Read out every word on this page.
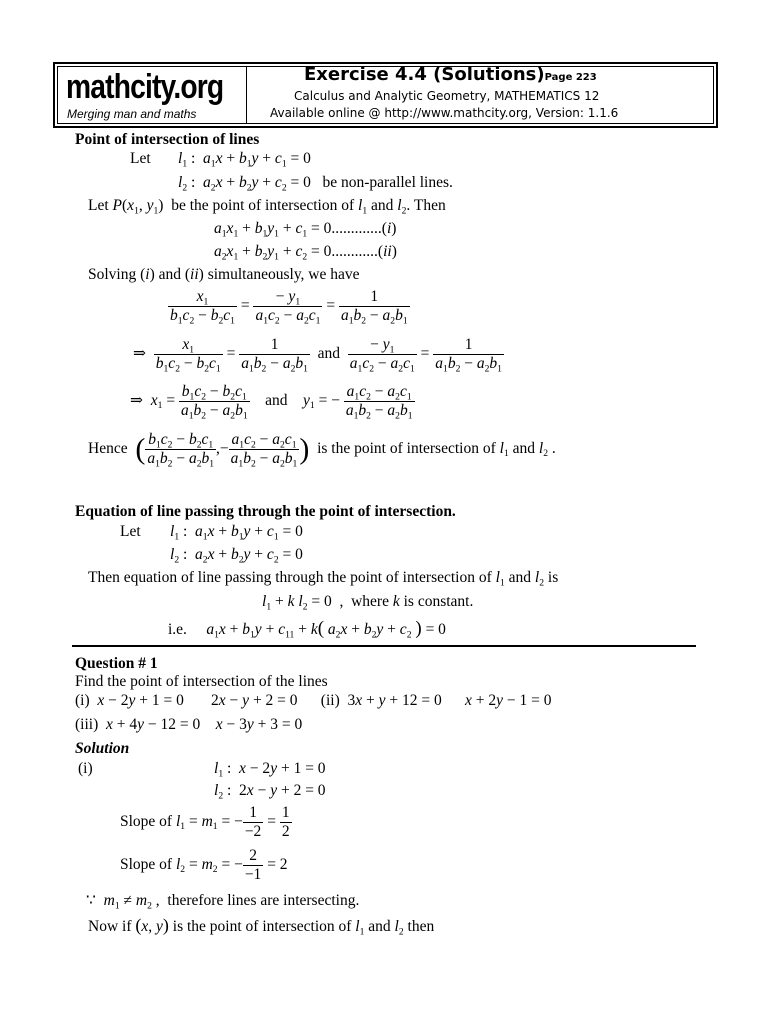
mathcity.org
Merging man and maths
Exercise 4.4 (Solutions)Page 223
Calculus and Analytic Geometry, MATHEMATICS 12
Available online @ http://www.mathcity.org, Version: 1.1.6
Point of intersection of lines
Let $l_1$ :  $a_1x + b_1y + c_1 = 0$
$l_2$ :  $a_2x + b_2y + c_2 = 0$   be non-parallel lines.
Let $P(x_1$, $y_1$)  be the point of intersection of $l_1$ and $l_2$. Then
$a_1x_1 + b_1y_1 + c_1 = 0.............(i)$
$a_2x_1 + b_2y_1 + c_2 = 0............(ii)$
Solving (i) and (ii) simultaneously, we have
$\frac{x_1}{b_1c_2 - b_2c_1} = \frac{- y_1}{a_1c_2 - a_2c_1} = \frac{1}{a_1b_2 - a_2b_1}$
⇒ $\frac{x_1}{b_1c_2 - b_2c_1} = \frac{1}{a_1b_2 - a_2b_1}$ and $\frac{- y_1}{a_1c_2 - a_2c_1} = \frac{1}{a_1b_2 - a_2b_1}$
⇒  $x_1 = \frac{b_1c_2 - b_2c_1}{a_1b_2 - a_2b_1}$ and    $y_1$ = − $\frac{a_1c_2 - a_2c_1}{a_1b_2 - a_2b_1}$
Hence ( $\frac{b_1c_2 - b_2c_1}{a_1b_2 - a_2b_1}$ ,− $\frac{a_1c_2 - a_2c_1}{a_1b_2 - a_2b_1}$ ) is the point of intersection of $l_1$ and $l_2$ .
Equation of line passing through the point of intersection.
Let $l_1$ :  $a_1x + b_1y + c_1 = 0$
$l_2$ :  $a_2x + b_2y + c_2 = 0$
Then equation of line passing through the point of intersection of $l_1$ and $l_2$ is
$l_1 + k$ $l_2 = 0$  ,  where k is constant.
i.e. $a_1x + b_1y + c_{11} + k$( $a_2x + b_2y + c_2$ ) = 0
Question # 1
Find the point of intersection of the lines
(i)  x − 2y + 1 = 0       2x − y + 2 = 0      (ii)  3x + y + 12 = 0      x + 2y − 1 = 0
(iii)  x + 4y − 12 = 0    x − 3y + 3 = 0
Solution
(i)	$l_1$ :  x − 2y + 1 = 0
$l_2$ :  2x − y + 2 = 0
Slope of $l_1 = m_1$ = − $\frac{1}{-2} = \frac{1}{2}$
Slope of $l_2 = m_2$ = − $\frac{2}{-1} = 2$
∵  $m_1 \ne m_2$ ,  therefore lines are intersecting.
Now if (x, y) is the point of intersection of $l_1$ and $l_2$ then
